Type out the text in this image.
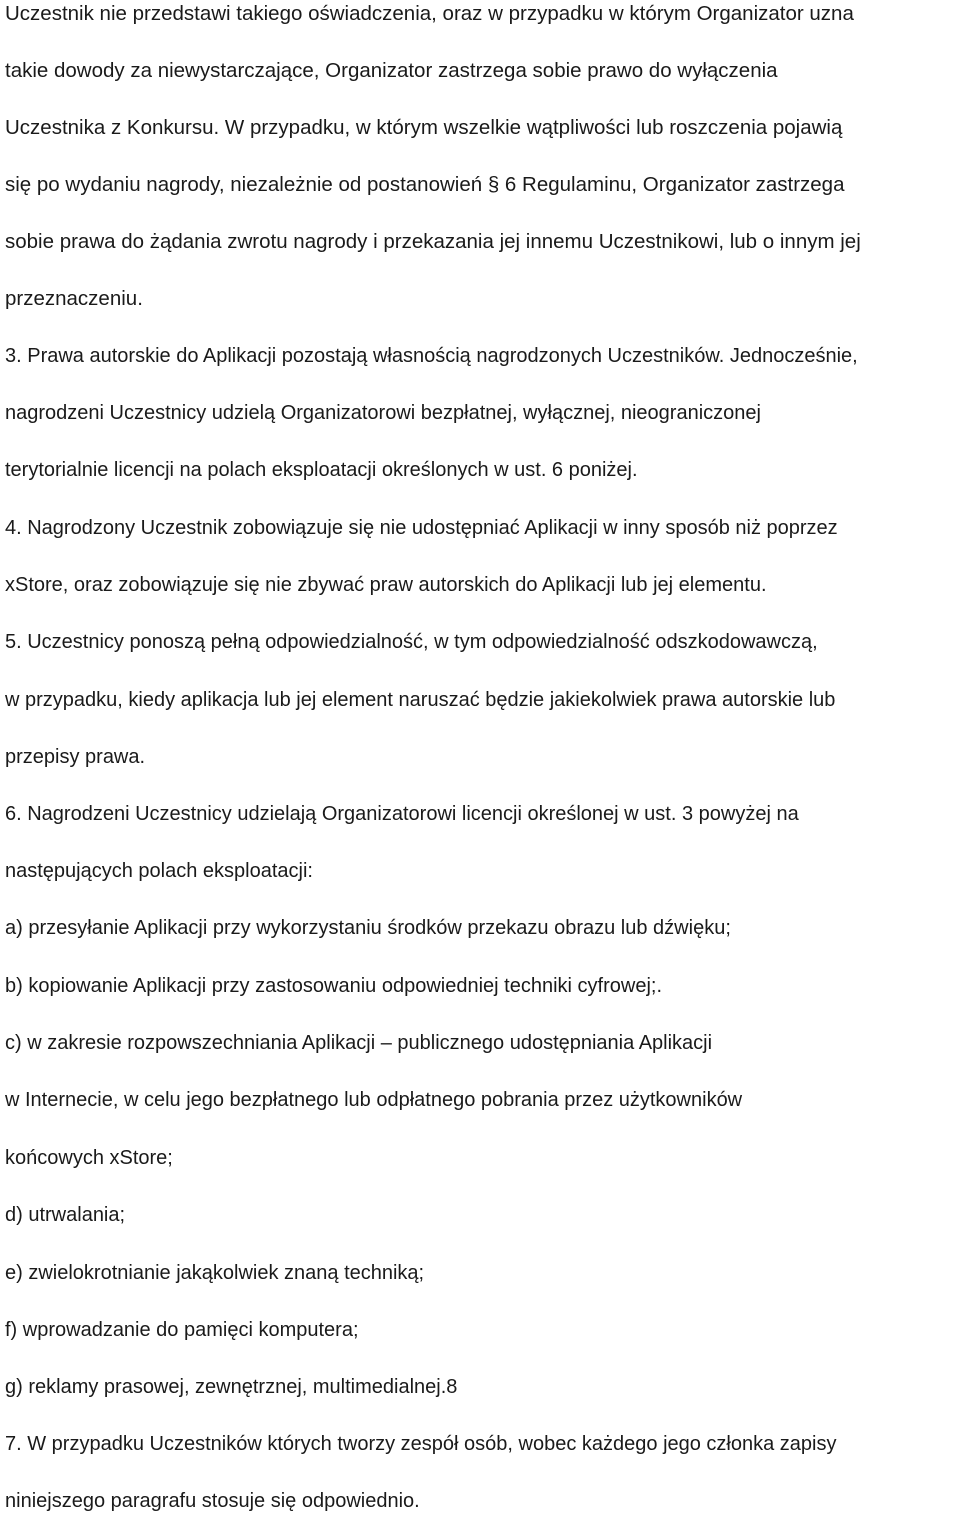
Uczestnik nie przedstawi takiego oświadczenia, oraz w przypadku w którym Organizator uzna
takie dowody za niewystarczające, Organizator zastrzega sobie prawo do wyłączenia
Uczestnika z Konkursu. W przypadku, w którym wszelkie wątpliwości lub roszczenia pojawią
się po wydaniu nagrody, niezależnie od postanowień § 6 Regulaminu, Organizator zastrzega
sobie prawa do żądania zwrotu nagrody i przekazania jej innemu Uczestnikowi, lub o innym jej
przeznaczeniu.
3. Prawa autorskie do Aplikacji pozostają własnością nagrodzonych Uczestników. Jednocześnie,
nagrodzeni Uczestnicy udzielą Organizatorowi bezpłatnej, wyłącznej, nieograniczonej
terytorialnie licencji na polach eksploatacji określonych w ust. 6 poniżej.
4. Nagrodzony Uczestnik zobowiązuje się nie udostępniać Aplikacji w inny sposób niż poprzez
xStore, oraz zobowiązuje się nie zbywać praw autorskich do Aplikacji lub jej elementu.
5. Uczestnicy ponoszą pełną odpowiedzialność, w tym odpowiedzialność odszkodowawczą,
w przypadku, kiedy aplikacja lub jej element naruszać będzie jakiekolwiek prawa autorskie lub
przepisy prawa.
6. Nagrodzeni Uczestnicy udzielają Organizatorowi licencji określonej w ust. 3 powyżej na
następujących polach eksploatacji:
a) przesyłanie Aplikacji przy wykorzystaniu środków przekazu obrazu lub dźwięku;
b) kopiowanie Aplikacji przy zastosowaniu odpowiedniej techniki cyfrowej;.
c) w zakresie rozpowszechniania Aplikacji – publicznego udostępniania Aplikacji
w Internecie, w celu jego bezpłatnego lub odpłatnego pobrania przez użytkowników
końcowych xStore;
d) utrwalania;
e) zwielokrotnianie jakąkolwiek znaną techniką;
f) wprowadzanie do pamięci komputera;
g) reklamy prasowej, zewnętrznej, multimedialnej.8
7. W przypadku Uczestników których tworzy zespół osób, wobec każdego jego członka zapisy
niniejszego paragrafu stosuje się odpowiednio.
